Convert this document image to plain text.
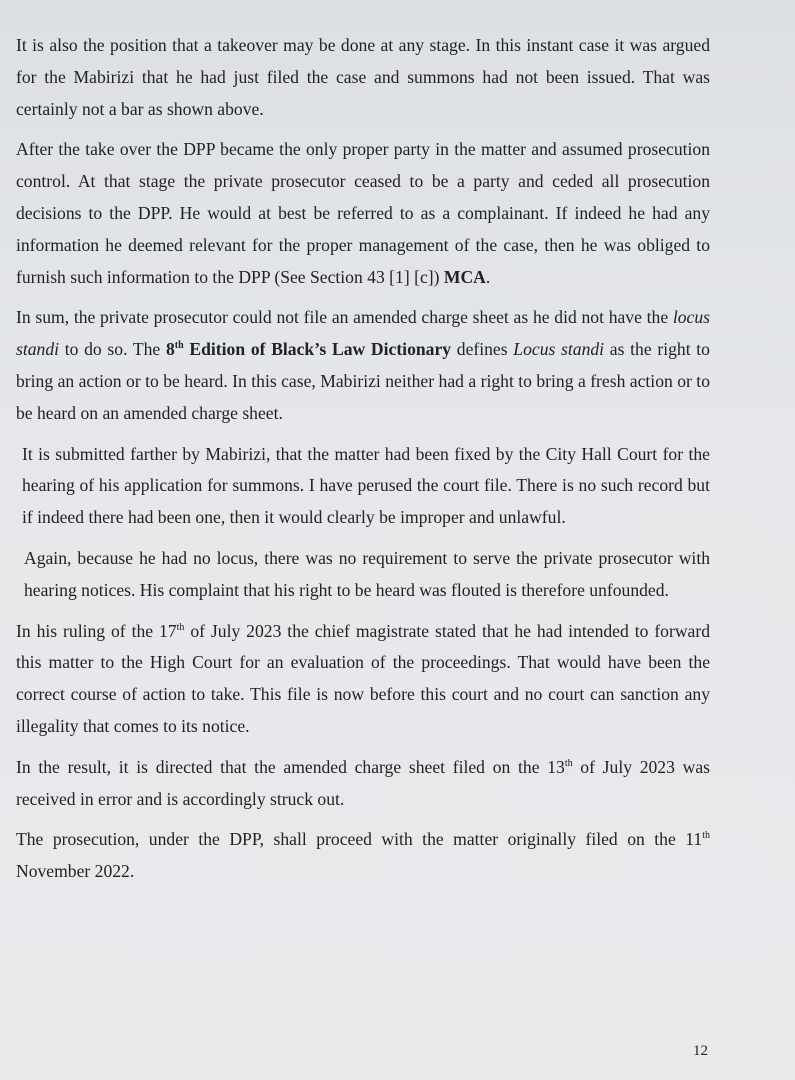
It is also the position that a takeover may be done at any stage. In this instant case it was argued for the Mabirizi that he had just filed the case and summons had not been issued. That was certainly not a bar as shown above.

After the take over the DPP became the only proper party in the matter and assumed prosecution control. At that stage the private prosecutor ceased to be a party and ceded all prosecution decisions to the DPP. He would at best be referred to as a complainant. If indeed he had any information he deemed relevant for the proper management of the case, then he was obliged to furnish such information to the DPP (See Section 43 [1] [c]) MCA.

In sum, the private prosecutor could not file an amended charge sheet as he did not have the locus standi to do so. The 8th Edition of Black’s Law Dictionary defines Locus standi as the right to bring an action or to be heard. In this case, Mabirizi neither had a right to bring a fresh action or to be heard on an amended charge sheet.

It is submitted farther by Mabirizi, that the matter had been fixed by the City Hall Court for the hearing of his application for summons. I have perused the court file. There is no such record but if indeed there had been one, then it would clearly be improper and unlawful.

Again, because he had no locus, there was no requirement to serve the private prosecutor with hearing notices. His complaint that his right to be heard was flouted is therefore unfounded.

In his ruling of the 17th of July 2023 the chief magistrate stated that he had intended to forward this matter to the High Court for an evaluation of the proceedings. That would have been the correct course of action to take. This file is now before this court and no court can sanction any illegality that comes to its notice.

In the result, it is directed that the amended charge sheet filed on the 13th of July 2023 was received in error and is accordingly struck out.

The prosecution, under the DPP, shall proceed with the matter originally filed on the 11th November 2022.

12
